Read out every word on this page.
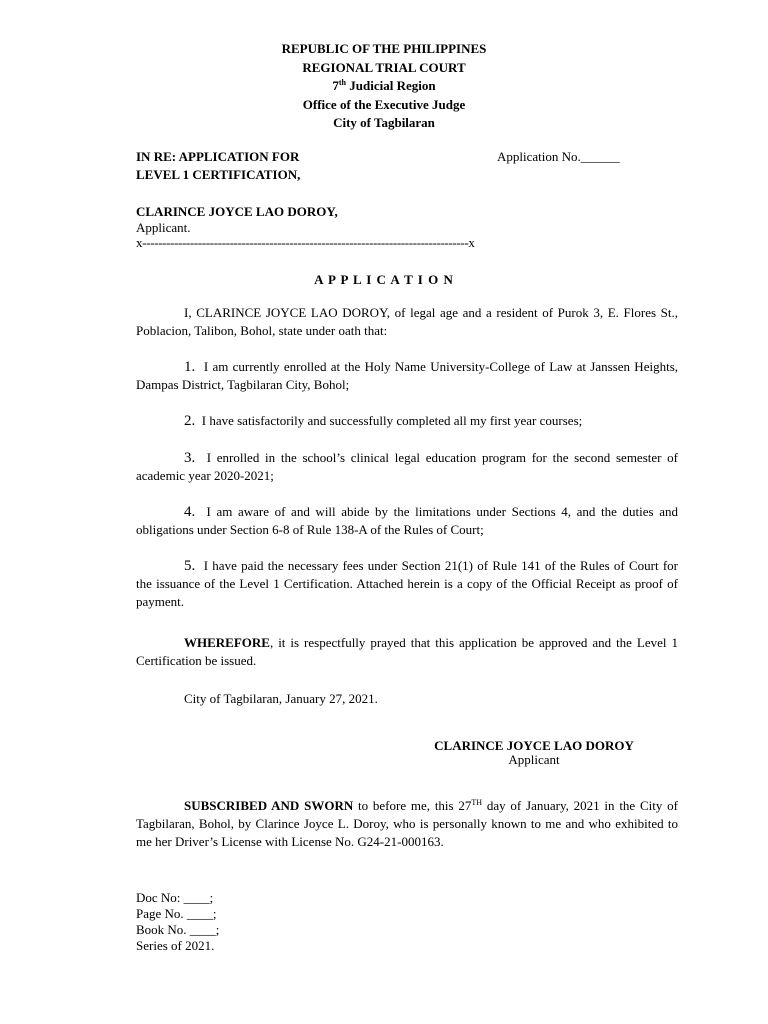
REPUBLIC OF THE PHILIPPINES
REGIONAL TRIAL COURT
7th Judicial Region
Office of the Executive Judge
City of Tagbilaran
IN RE: APPLICATION FOR
LEVEL 1 CERTIFICATION,
Application No.______
CLARINCE JOYCE LAO DOROY,
Applicant.
x----------------------------------------------------------------------------------x
A P P L I C A T I O N

I, CLARINCE JOYCE LAO DOROY, of legal age and a resident of Purok 3, E. Flores St., Poblacion, Talibon, Bohol, state under oath that:

1. I am currently enrolled at the Holy Name University-College of Law at Janssen Heights, Dampas District, Tagbilaran City, Bohol;

2. I have satisfactorily and successfully completed all my first year courses;

3. I enrolled in the school’s clinical legal education program for the second semester of academic year 2020-2021;

4. I am aware of and will abide by the limitations under Sections 4, and the duties and obligations under Section 6-8 of Rule 138-A of the Rules of Court;

5. I have paid the necessary fees under Section 21(1) of Rule 141 of the Rules of Court for the issuance of the Level 1 Certification. Attached herein is a copy of the Official Receipt as proof of payment.

WHEREFORE, it is respectfully prayed that this application be approved and the Level 1 Certification be issued.

City of Tagbilaran, January 27, 2021.
CLARINCE JOYCE LAO DOROY
Applicant

SUBSCRIBED AND SWORN to before me, this 27TH day of January, 2021 in the City of Tagbilaran, Bohol, by Clarince Joyce L. Doroy, who is personally known to me and who exhibited to me her Driver’s License with License No. G24-21-000163.

Doc No: ____;
Page No. ____;
Book No. ____;
Series of 2021.
